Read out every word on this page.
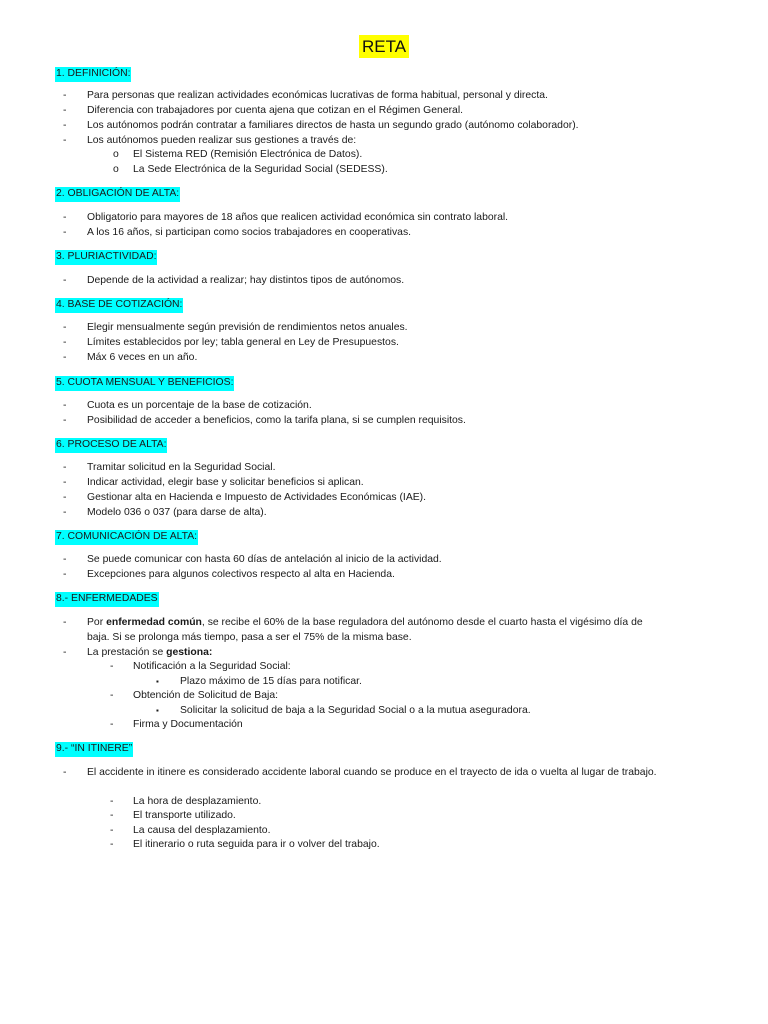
RETA
1. DEFINICIÓN:
- Para personas que realizan actividades económicas lucrativas de forma habitual, personal y directa.
- Diferencia con trabajadores por cuenta ajena que cotizan en el Régimen General.
- Los autónomos podrán contratar a familiares directos de hasta un segundo grado (autónomo colaborador).
- Los autónomos pueden realizar sus gestiones a través de:
o El Sistema RED (Remisión Electrónica de Datos).
o La Sede Electrónica de la Seguridad Social (SEDESS).
2. OBLIGACIÓN DE ALTA:
- Obligatorio para mayores de 18 años que realicen actividad económica sin contrato laboral.
- A los 16 años, si participan como socios trabajadores en cooperativas.
3. PLURIACTIVIDAD:
- Depende de la actividad a realizar; hay distintos tipos de autónomos.
4. BASE DE COTIZACIÓN:
- Elegir mensualmente según previsión de rendimientos netos anuales.
- Límites establecidos por ley; tabla general en Ley de Presupuestos.
- Máx 6 veces en un año.
5. CUOTA MENSUAL Y BENEFICIOS:
- Cuota es un porcentaje de la base de cotización.
- Posibilidad de acceder a beneficios, como la tarifa plana, si se cumplen requisitos.
6. PROCESO DE ALTA:
- Tramitar solicitud en la Seguridad Social.
- Indicar actividad, elegir base y solicitar beneficios si aplican.
- Gestionar alta en Hacienda e Impuesto de Actividades Económicas (IAE).
- Modelo 036 o 037 (para darse de alta).
7. COMUNICACIÓN DE ALTA:
- Se puede comunicar con hasta 60 días de antelación al inicio de la actividad.
- Excepciones para algunos colectivos respecto al alta en Hacienda.
8.- ENFERMEDADES
- Por enfermedad común, se recibe el 60% de la base reguladora del autónomo desde el cuarto hasta el vigésimo día de baja. Si se prolonga más tiempo, pasa a ser el 75% de la misma base.
- La prestación se gestiona:
- Notificación a la Seguridad Social:
▪ Plazo máximo de 15 días para notificar.
- Obtención de Solicitud de Baja:
▪ Solicitar la solicitud de baja a la Seguridad Social o a la mutua aseguradora.
- Firma y Documentación
9.- “IN ITINERE”
- El accidente in itinere es considerado accidente laboral cuando se produce en el trayecto de ida o vuelta al lugar de trabajo.
- La hora de desplazamiento.
- El transporte utilizado.
- La causa del desplazamiento.
- El itinerario o ruta seguida para ir o volver del trabajo.
